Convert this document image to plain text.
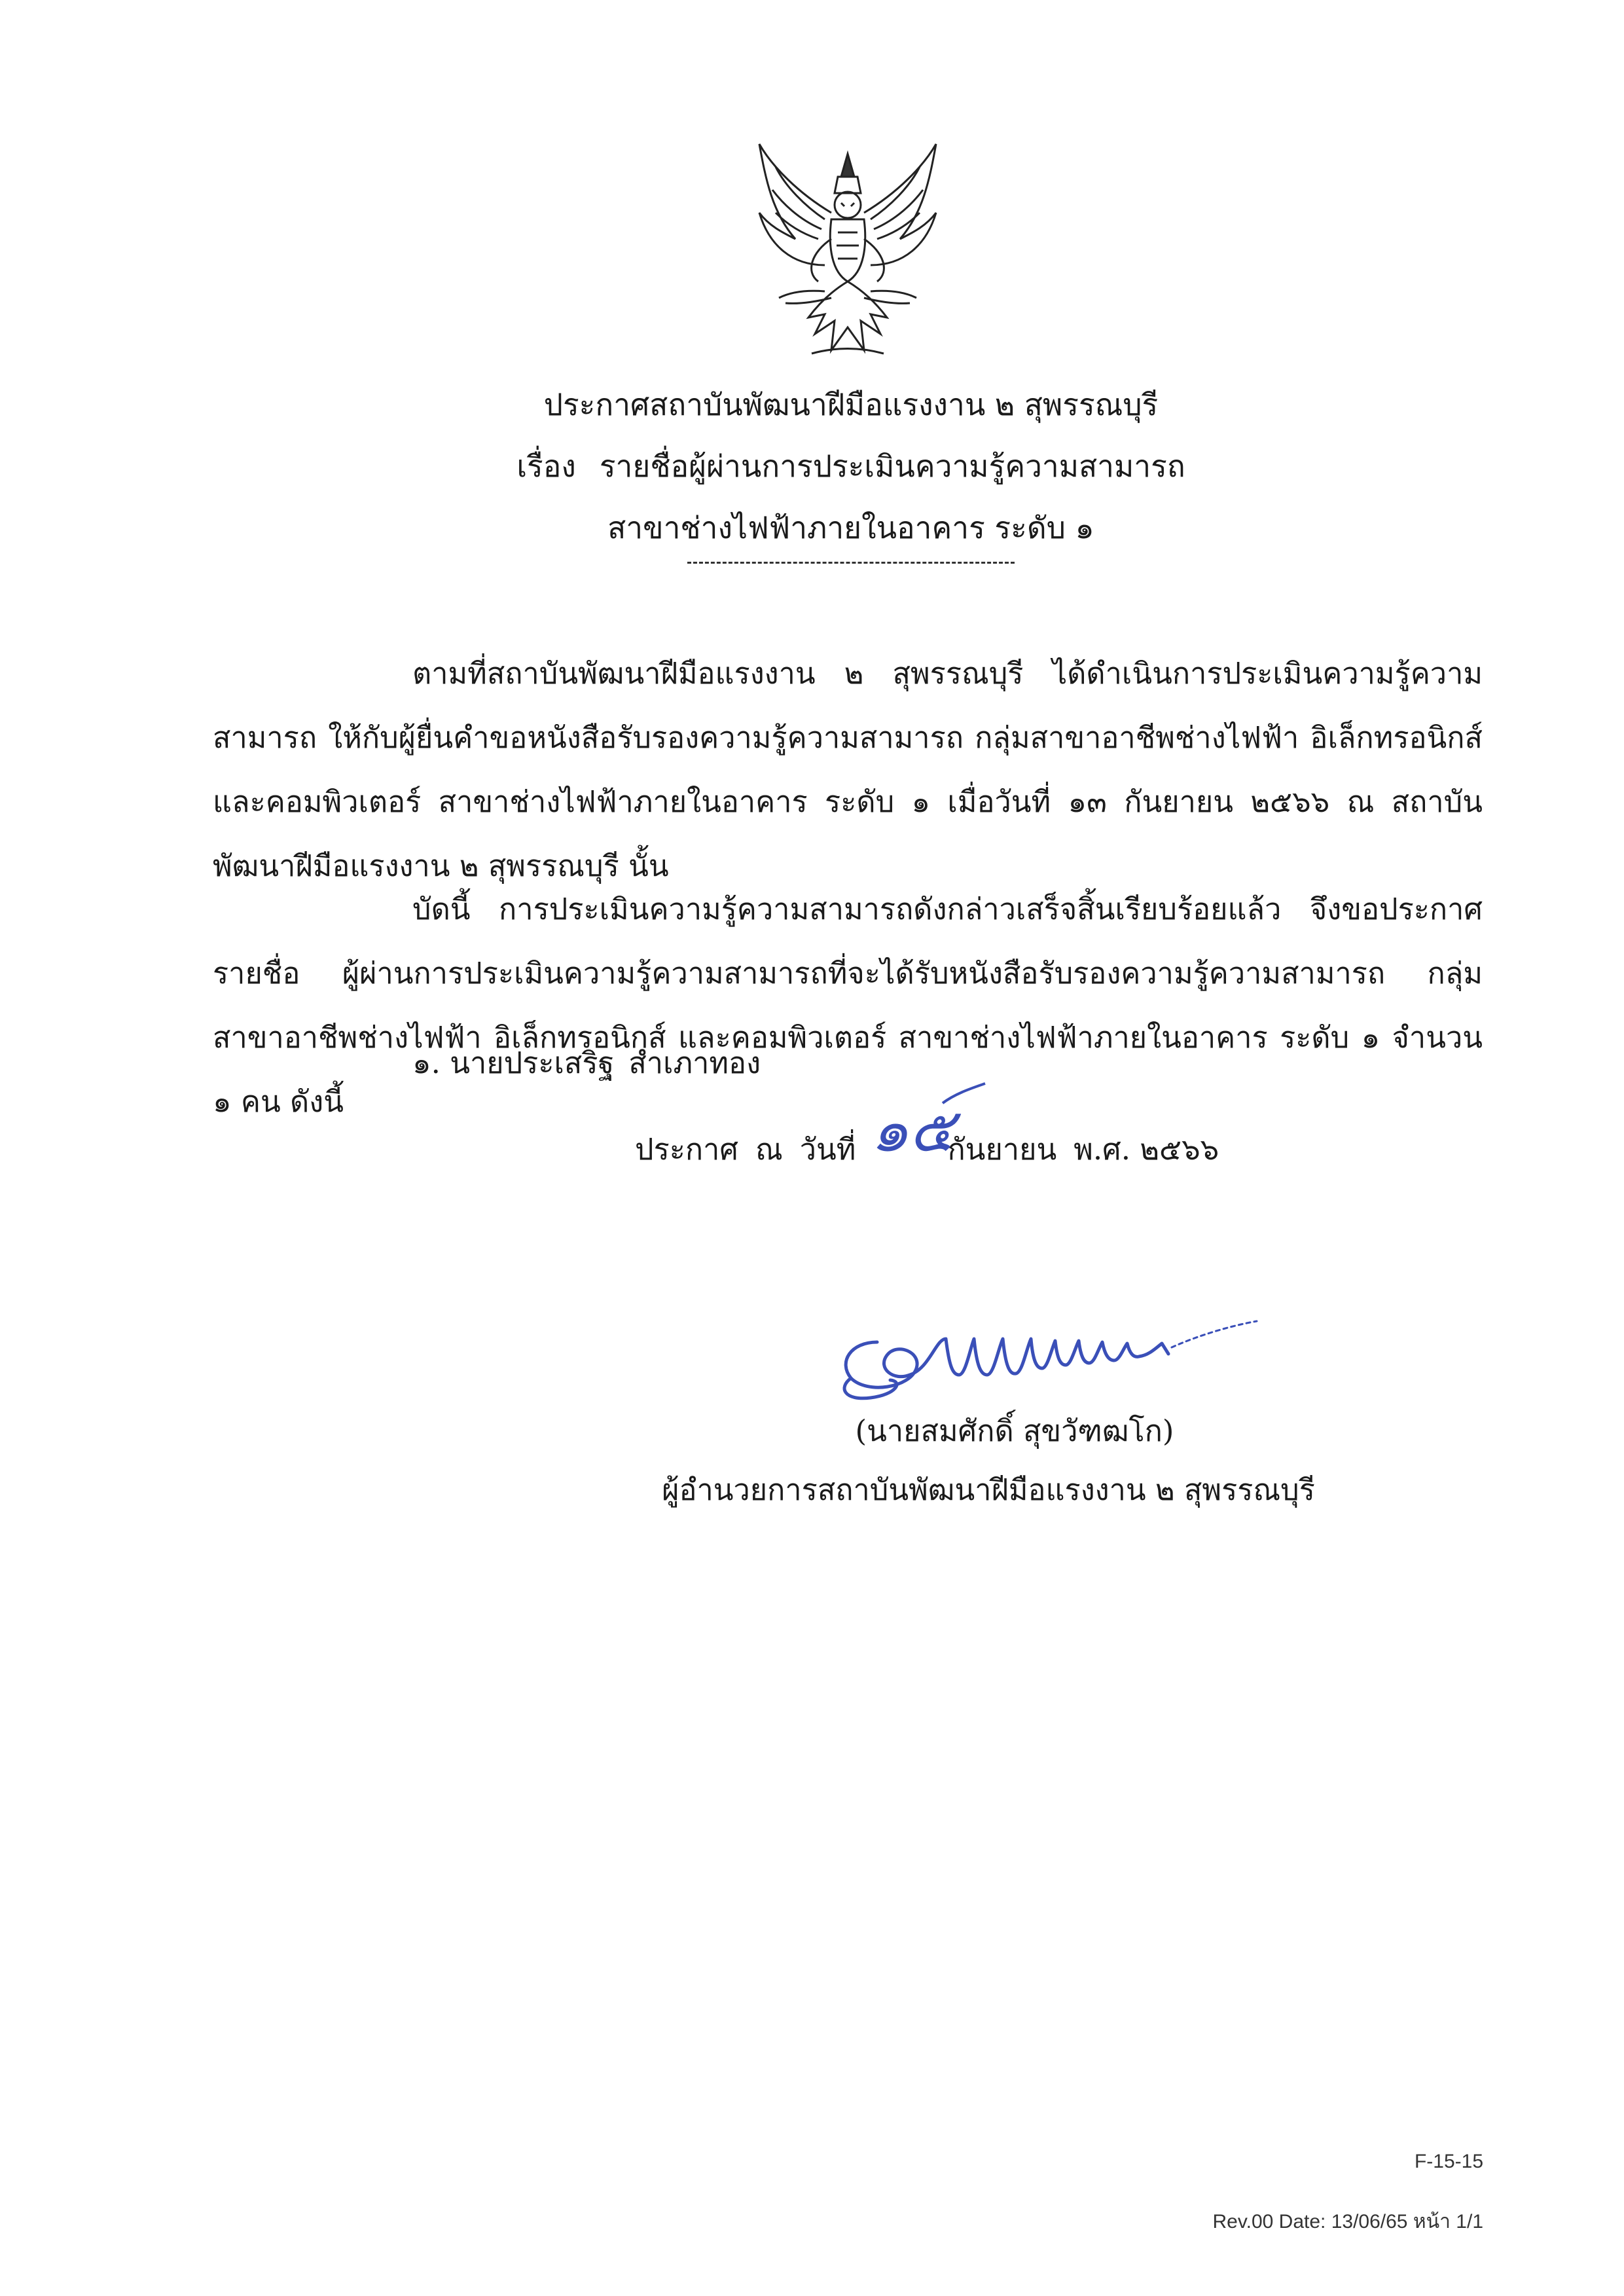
ประกาศสถาบันพัฒนาฝีมือแรงงาน ๒ สุพรรณบุรี
เรื่อง รายชื่อผู้ผ่านการประเมินความรู้ความสามารถ
สาขาช่างไฟฟ้าภายในอาคาร ระดับ ๑
ตามที่สถาบันพัฒนาฝีมือแรงงาน ๒ สุพรรณบุรี ได้ดำเนินการประเมินความรู้ความสามารถ ให้กับผู้ยื่นคำขอหนังสือรับรองความรู้ความสามารถ กลุ่มสาขาอาชีพช่างไฟฟ้า อิเล็กทรอนิกส์ และคอมพิวเตอร์ สาขาช่างไฟฟ้าภายในอาคาร ระดับ ๑ เมื่อวันที่ ๑๓ กันยายน ๒๕๖๖ ณ สถาบันพัฒนาฝีมือแรงงาน ๒ สุพรรณบุรี นั้น
บัดนี้ การประเมินความรู้ความสามารถดังกล่าวเสร็จสิ้นเรียบร้อยแล้ว จึงขอประกาศรายชื่อ ผู้ผ่านการประเมินความรู้ความสามารถที่จะได้รับหนังสือรับรองความรู้ความสามารถ กลุ่มสาขาอาชีพช่างไฟฟ้า อิเล็กทรอนิกส์ และคอมพิวเตอร์ สาขาช่างไฟฟ้าภายในอาคาร ระดับ ๑ จำนวน ๑ คน ดังนี้
๑. นายประเสริฐ สำเภาทอง
ประกาศ ณ วันที่	กันยายน พ.ศ. ๒๕๖๖
๑๕
(นายสมศักดิ์ สุขวัฑฒโก)
ผู้อำนวยการสถาบันพัฒนาฝีมือแรงงาน ๒ สุพรรณบุรี
F-15-15
Rev.00 Date: 13/06/65 หน้า 1/1
